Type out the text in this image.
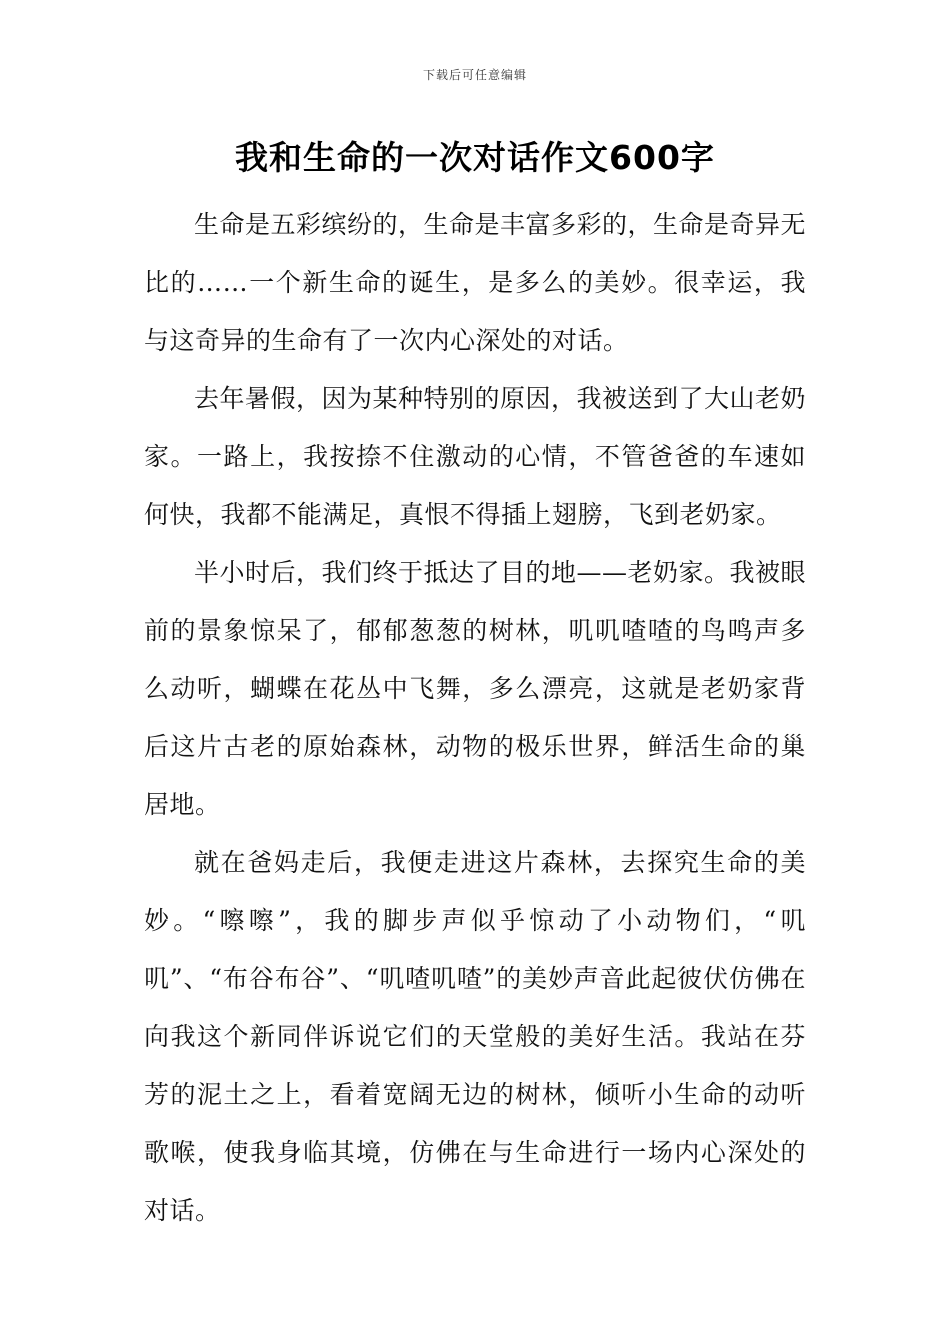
下载后可任意编辑
我和生命的一次对话作文600字

生命是五彩缤纷的，生命是丰富多彩的，生命是奇异无比的……一个新生命的诞生，是多么的美妙。很幸运，我与这奇异的生命有了一次内心深处的对话。

去年暑假，因为某种特别的原因，我被送到了大山老奶家。一路上，我按捺不住激动的心情，不管爸爸的车速如何快，我都不能满足，真恨不得插上翅膀，飞到老奶家。

半小时后，我们终于抵达了目的地——老奶家。我被眼前的景象惊呆了，郁郁葱葱的树林，叽叽喳喳的鸟鸣声多么动听，蝴蝶在花丛中飞舞，多么漂亮，这就是老奶家背后这片古老的原始森林，动物的极乐世界，鲜活生命的巢居地。

就在爸妈走后，我便走进这片森林，去探究生命的美妙。“嚓嚓”，我的脚步声似乎惊动了小动物们，“叽叽”、“布谷布谷”、“叽喳叽喳”的美妙声音此起彼伏仿佛在向我这个新同伴诉说它们的天堂般的美好生活。我站在芬芳的泥土之上，看着宽阔无边的树林，倾听小生命的动听歌喉，使我身临其境，仿佛在与生命进行一场内心深处的对话。
